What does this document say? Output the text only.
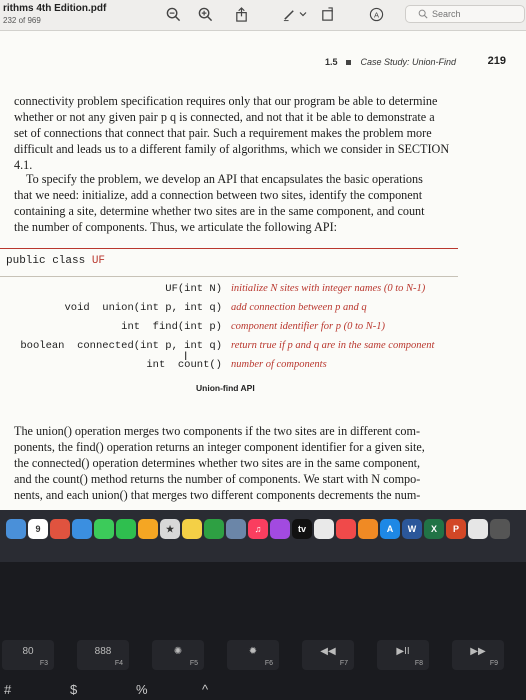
rithms 4th Edition.pdf
232 of 969
A
Search
1.5	Case Study: Union-Find	219
connectivity problem specification requires only that our program be able to determine
whether or not any given pair p q is connected, and not that it be able to demonstrate a
set of connections that connect that pair. Such a requirement makes the problem more
difficult and leads us to a different family of algorithms, which we consider in SECTION
4.1.
To specify the problem, we develop an API that encapsulates the basic operations
that we need: initialize, add a connection between two sites, identify the component
containing a site, determine whether two sites are in the same component, and count
the number of components. Thus, we articulate the following API:
public class UF
UF(int N) initialize N sites with integer names (0 to N-1)
void  union(int p, int q) add connection between p and q
int  find(int p) component identifier for p (0 to N-1)
boolean  connected(int p, int q) return true if p and q are in the same component
int  count() number of components
I
Union-find API
The union() operation merges two components if the two sites are in different com-
ponents, the find() operation returns an integer component identifier for a given site,
the connected() operation determines whether two sites are in the same component,
and the count() method returns the number of components. We start with N compo-
nents, and each union() that merges two different components decrements the num-
9	★	♫	tv	A	W	X	P
80
F3
888
F4
✺
F5
✹
F6
◀◀
F7
▶II
F8
▶▶
F9
#	$	%	^
